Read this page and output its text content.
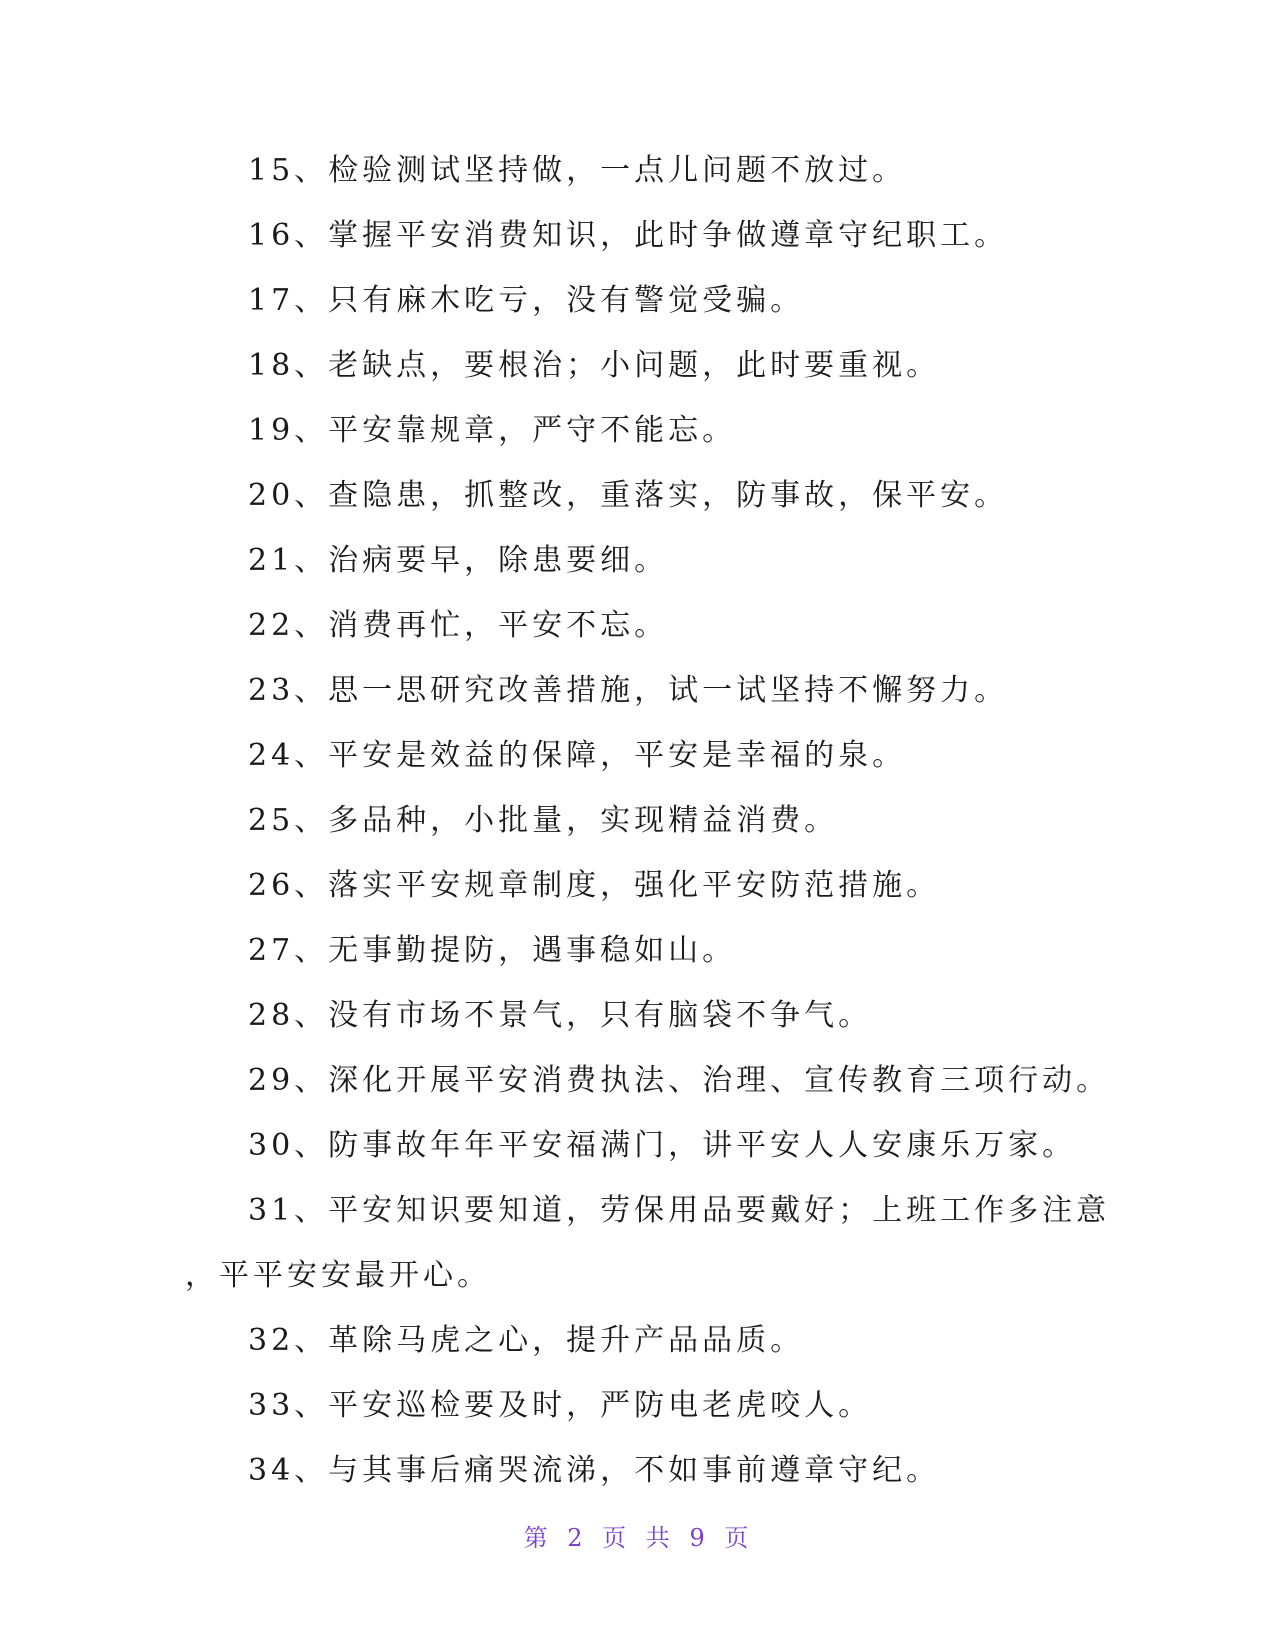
15、检验测试坚持做，一点儿问题不放过。
16、掌握平安消费知识，此时争做遵章守纪职工。
17、只有麻木吃亏，没有警觉受骗。
18、老缺点，要根治；小问题，此时要重视。
19、平安靠规章，严守不能忘。
20、查隐患，抓整改，重落实，防事故，保平安。
21、治病要早，除患要细。
22、消费再忙，平安不忘。
23、思一思研究改善措施，试一试坚持不懈努力。
24、平安是效益的保障，平安是幸福的泉。
25、多品种，小批量，实现精益消费。
26、落实平安规章制度，强化平安防范措施。
27、无事勤提防，遇事稳如山。
28、没有市场不景气，只有脑袋不争气。
29、深化开展平安消费执法、治理、宣传教育三项行动。
30、防事故年年平安福满门，讲平安人人安康乐万家。
31、平安知识要知道，劳保用品要戴好；上班工作多注意
，平平安安最开心。
32、革除马虎之心，提升产品品质。
33、平安巡检要及时，严防电老虎咬人。
34、与其事后痛哭流涕，不如事前遵章守纪。
第 2 页 共 9 页
